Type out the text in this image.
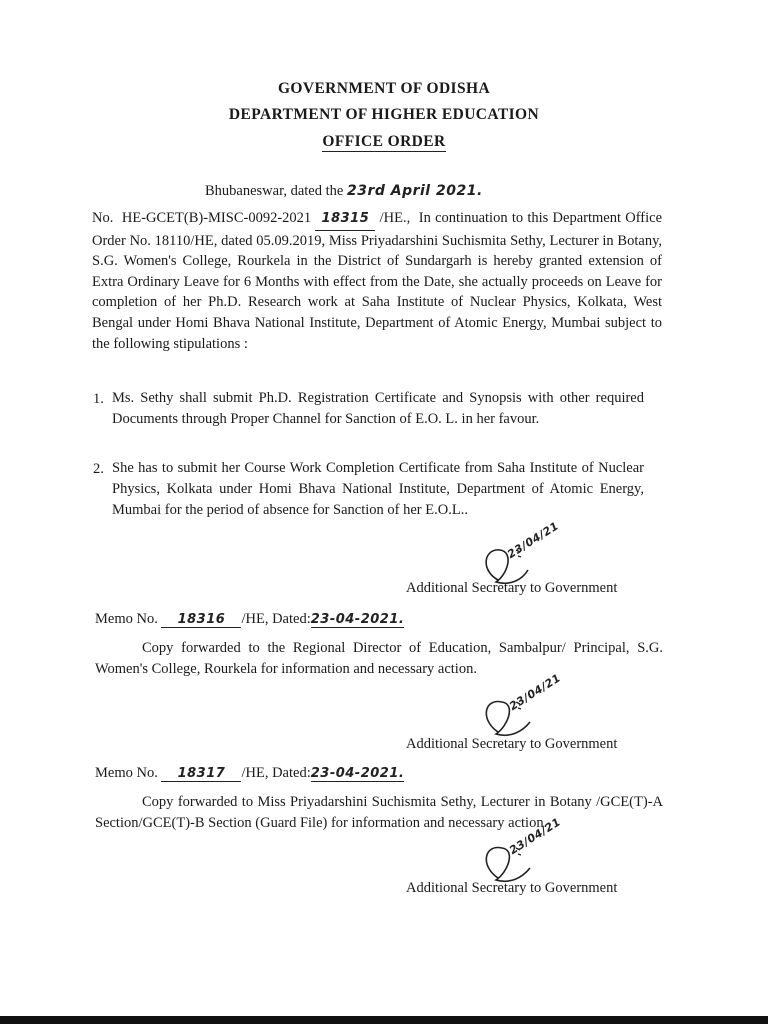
GOVERNMENT OF ODISHA
DEPARTMENT OF HIGHER EDUCATION
OFFICE ORDER
Bhubaneswar, dated the 23rd April 2021.

No. HE-GCET(B)-MISC-0092-2021 18315 /HE., In continuation to this Department Office Order No. 18110/HE, dated 05.09.2019, Miss Priyadarshini Suchismita Sethy, Lecturer in Botany, S.G. Women's College, Rourkela in the District of Sundargarh is hereby granted extension of Extra Ordinary Leave for 6 Months with effect from the Date, she actually proceeds on Leave for completion of her Ph.D. Research work at Saha Institute of Nuclear Physics, Kolkata, West Bengal under Homi Bhava National Institute, Department of Atomic Energy, Mumbai subject to the following stipulations :

1. Ms. Sethy shall submit Ph.D. Registration Certificate and Synopsis with other required Documents through Proper Channel for Sanction of E.O. L. in her favour.

2. She has to submit her Course Work Completion Certificate from Saha Institute of Nuclear Physics, Kolkata under Homi Bhava National Institute, Department of Atomic Energy, Mumbai for the period of absence for Sanction of her E.O.L..

23/04/21
Additional Secretary to Government
Memo No. 18316 /HE, Dated:23-04-2021.

Copy forwarded to the Regional Director of Education, Sambalpur/ Principal, S.G. Women's College, Rourkela for information and necessary action.

23/04/21
Additional Secretary to Government
Memo No. 18317 /HE, Dated:23-04-2021.

Copy forwarded to Miss Priyadarshini Suchismita Sethy, Lecturer in Botany /GCE(T)-A Section/GCE(T)-B Section (Guard File) for information and necessary action.

23/04/21
Additional Secretary to Government
